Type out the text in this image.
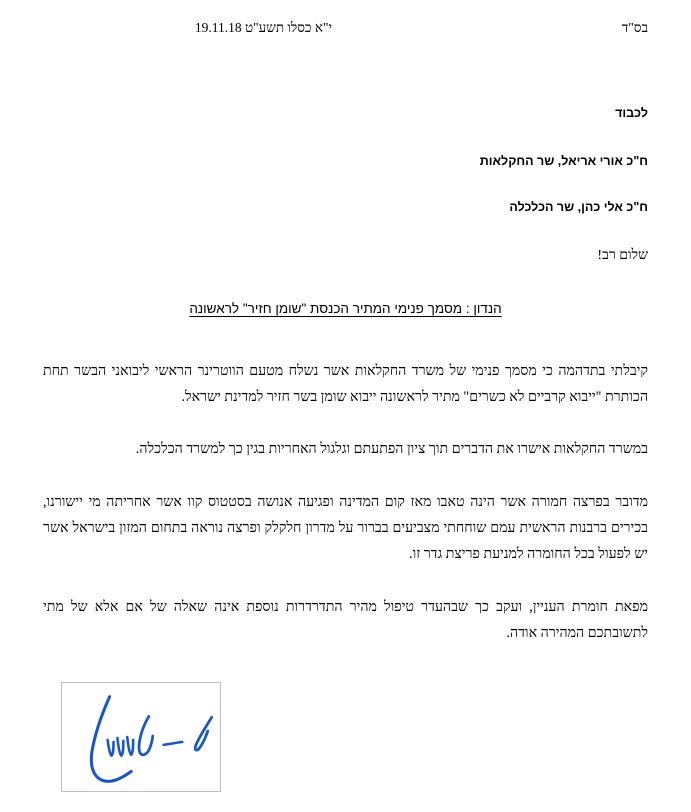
בס"ד
י"א כסלו תשע"ט 19.11.18
לכבוד
ח"כ אורי אריאל, שר החקלאות
ח"כ אלי כהן, שר הכלכלה
שלום רב!
הנדון : מסמך פנימי המתיר הכנסת "שומן חזיר" לראשונה

קיבלתי בתדהמה כי מסמך פנימי של משרד החקלאות אשר נשלח מטעם הווטרינר הראשי ליבואני הבשר תחת הכותרת "ייבוא קרביים לא כשרים" מתיר לראשונה ייבוא שומן בשר חזיר למדינת ישראל.

במשרד החקלאות אישרו את הדברים תוך ציון הפתעתם וגלגול האחריות בגין כך למשרד הכלכלה.

מדובר בפרצה חמורה אשר הינה טאבו מאז קום המדינה ופגיעה אנושה בסטטוס קוו אשר אחריתה מי יישורנו, בכירים ברבנות הראשית עמם שוחחתי מצביעים בברור על מדרון חלקלק ופרצה נוראה בתחום המזון בישראל אשר יש לפעול בכל החומרה למניעת פריצת גדר זו.

מפאת חומרת העניין, ועקב כך שבהעדר טיפול מהיר התדרדרות נוספת אינה שאלה של אם אלא של מתי לתשובתכם המהירה אודה.
